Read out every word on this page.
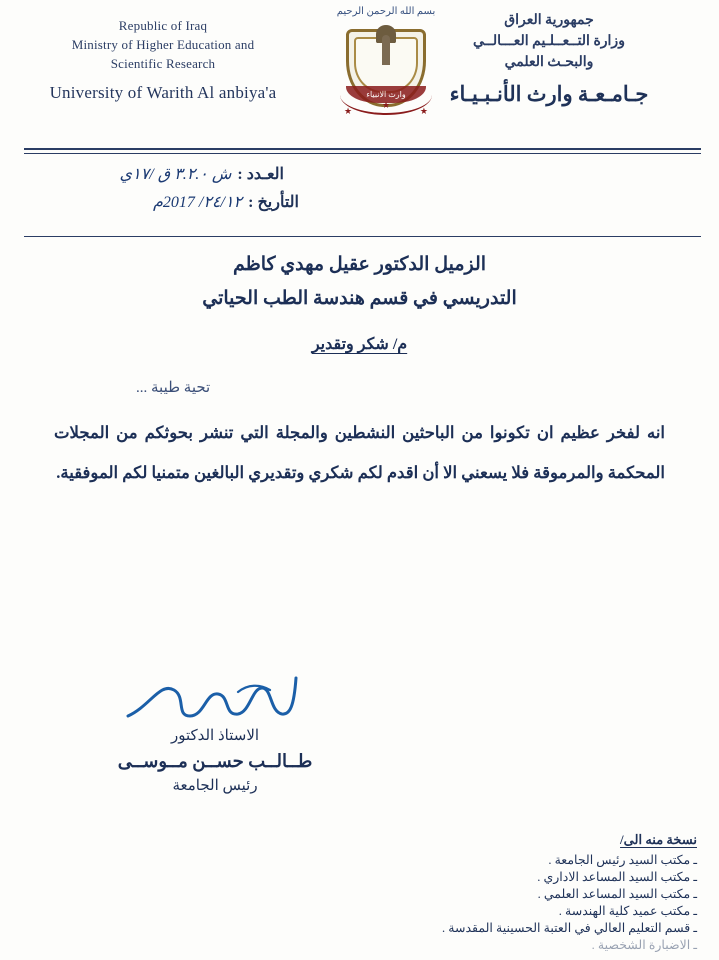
Republic of Iraq
Ministry of Higher Education and
Scientific Research
University of Warith Al anbiya'a
بسم الله الرحمن الرحيم
وارث الانبياء
★
★
★
جمهورية العراق
وزارة التــعــلـيم العـــالــي
والبحـث العلمي
جـامـعـة وارث الأنـبـيـاء
العـدد :
ش ٣.٢.٠ ق /١٧ي
التأريخ :
٢٤/١٢/ 2017م
الزميل الدكتور عقيل مهدي كاظم
التدريسي في قسم هندسة الطب الحياتي
م/ شكر وتقدير
تحية طيبة ...
انه لفخر عظيم ان تكونوا من الباحثين النشطين والمجلة التي تنشر بحوثكم من المجلات المحكمة والمرموقة فلا يسعني الا أن اقدم لكم شكري وتقديري البالغين متمنيا لكم الموفقية.
الاستاذ الدكتور
طــالــب حســن مــوســى
رئيس الجامعة
نسخة منه الى/
ـ مكتب السيد رئيس الجامعة .
ـ مكتب السيد المساعد الاداري .
ـ مكتب السيد المساعد العلمي .
ـ مكتب عميد كلية الهندسة .
ـ قسم التعليم العالي في العتبة الحسينية المقدسة .
ـ الاضبارة الشخصية .
